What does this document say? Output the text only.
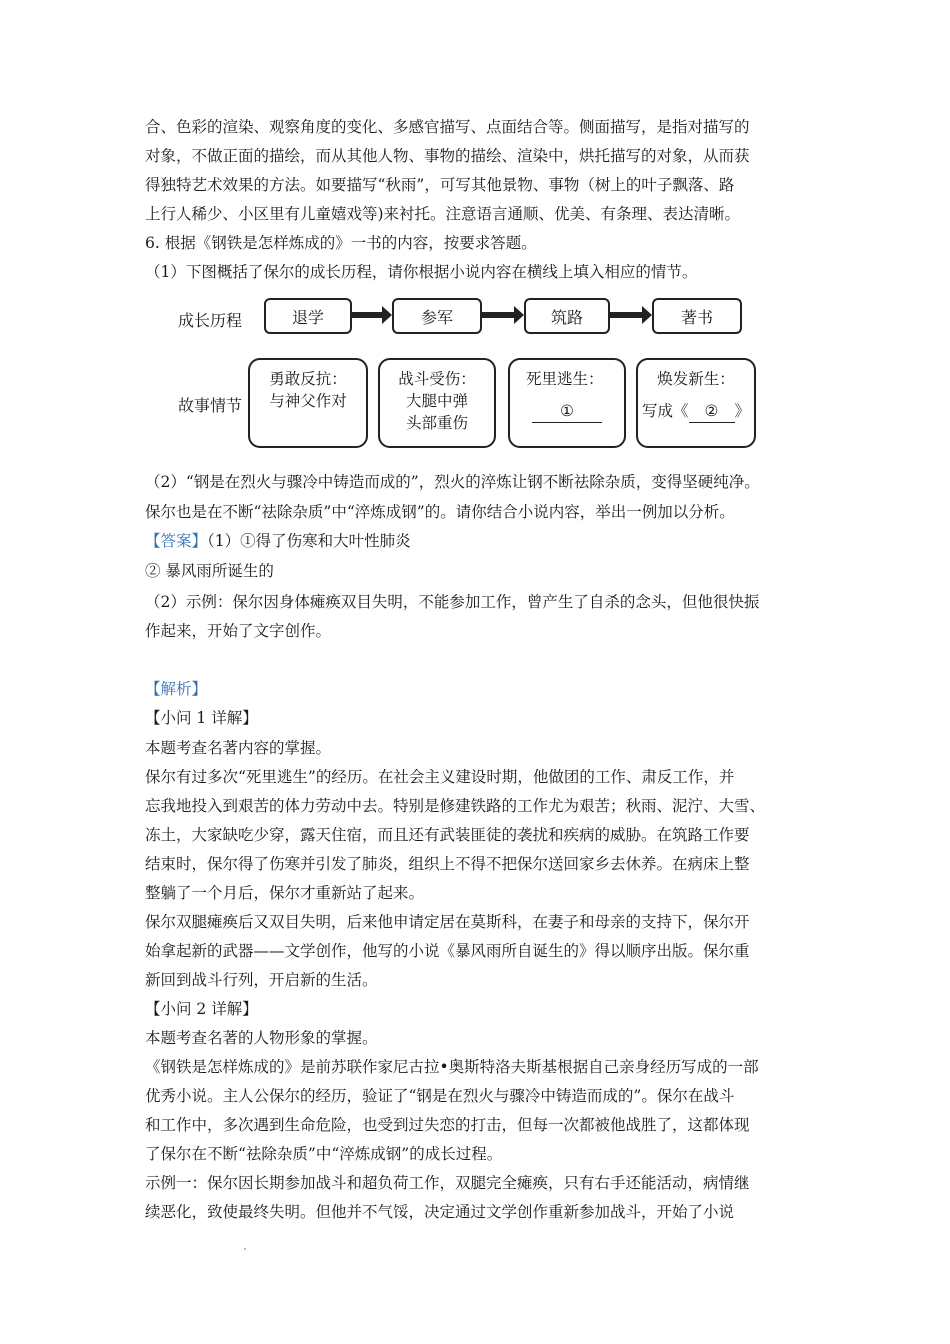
合、色彩的渲染、观察角度的变化、多感官描写、点面结合等。侧面描写，是指对描写的
对象，不做正面的描绘，而从其他人物、事物的描绘、渲染中，烘托描写的对象，从而获
得独特艺术效果的方法。如要描写“秋雨”，可写其他景物、事物（树上的叶子飘落、路
上行人稀少、小区里有儿童嬉戏等)来衬托。注意语言通顺、优美、有条理、表达清晰。
6. 根据《钢铁是怎样炼成的》一书的内容，按要求答题。
（1）下图概括了保尔的成长历程，请你根据小说内容在横线上填入相应的情节。
成长历程
故事情节
退学	参军	筑路	著书
勇敢反抗：
与神父作对
战斗受伤：
大腿中弹
头部重伤
死里逃生：
①
焕发新生：
写成《 ② 》
（2）“钢是在烈火与骤冷中铸造而成的”，烈火的淬炼让钢不断祛除杂质，变得坚硬纯净。
保尔也是在不断“祛除杂质”中“淬炼成钢”的。请你结合小说内容，举出一例加以分析。
【答案】（1）①得了伤寒和大叶性肺炎
② 暴风雨所诞生的
（2）示例：保尔因身体瘫痪双目失明，不能参加工作，曾产生了自杀的念头，但他很快振
作起来，开始了文字创作。
【解析】
【小问 1 详解】
本题考查名著内容的掌握。
保尔有过多次“死里逃生”的经历。在社会主义建设时期，他做团的工作、肃反工作，并
忘我地投入到艰苦的体力劳动中去。特别是修建铁路的工作尤为艰苦；秋雨、泥泞、大雪、
冻土，大家缺吃少穿，露天住宿，而且还有武装匪徒的袭扰和疾病的威胁。在筑路工作要
结束时，保尔得了伤寒并引发了肺炎，组织上不得不把保尔送回家乡去休养。在病床上整
整躺了一个月后，保尔才重新站了起来。
保尔双腿瘫痪后又双目失明，后来他申请定居在莫斯科，在妻子和母亲的支持下，保尔开
始拿起新的武器——文学创作，他写的小说《暴风雨所自诞生的》得以顺序出版。保尔重
新回到战斗行列，开启新的生活。
【小问 2 详解】
本题考查名著的人物形象的掌握。
《钢铁是怎样炼成的》是前苏联作家尼古拉•奥斯特洛夫斯基根据自己亲身经历写成的一部
优秀小说。主人公保尔的经历，验证了“钢是在烈火与骤冷中铸造而成的”。保尔在战斗
和工作中，多次遇到生命危险，也受到过失恋的打击，但每一次都被他战胜了，这都体现
了保尔在不断“祛除杂质”中“淬炼成钢”的成长过程。
示例一：保尔因长期参加战斗和超负荷工作，双腿完全瘫痪，只有右手还能活动，病情继
续恶化，致使最终失明。但他并不气馁，决定通过文学创作重新参加战斗，开始了小说
